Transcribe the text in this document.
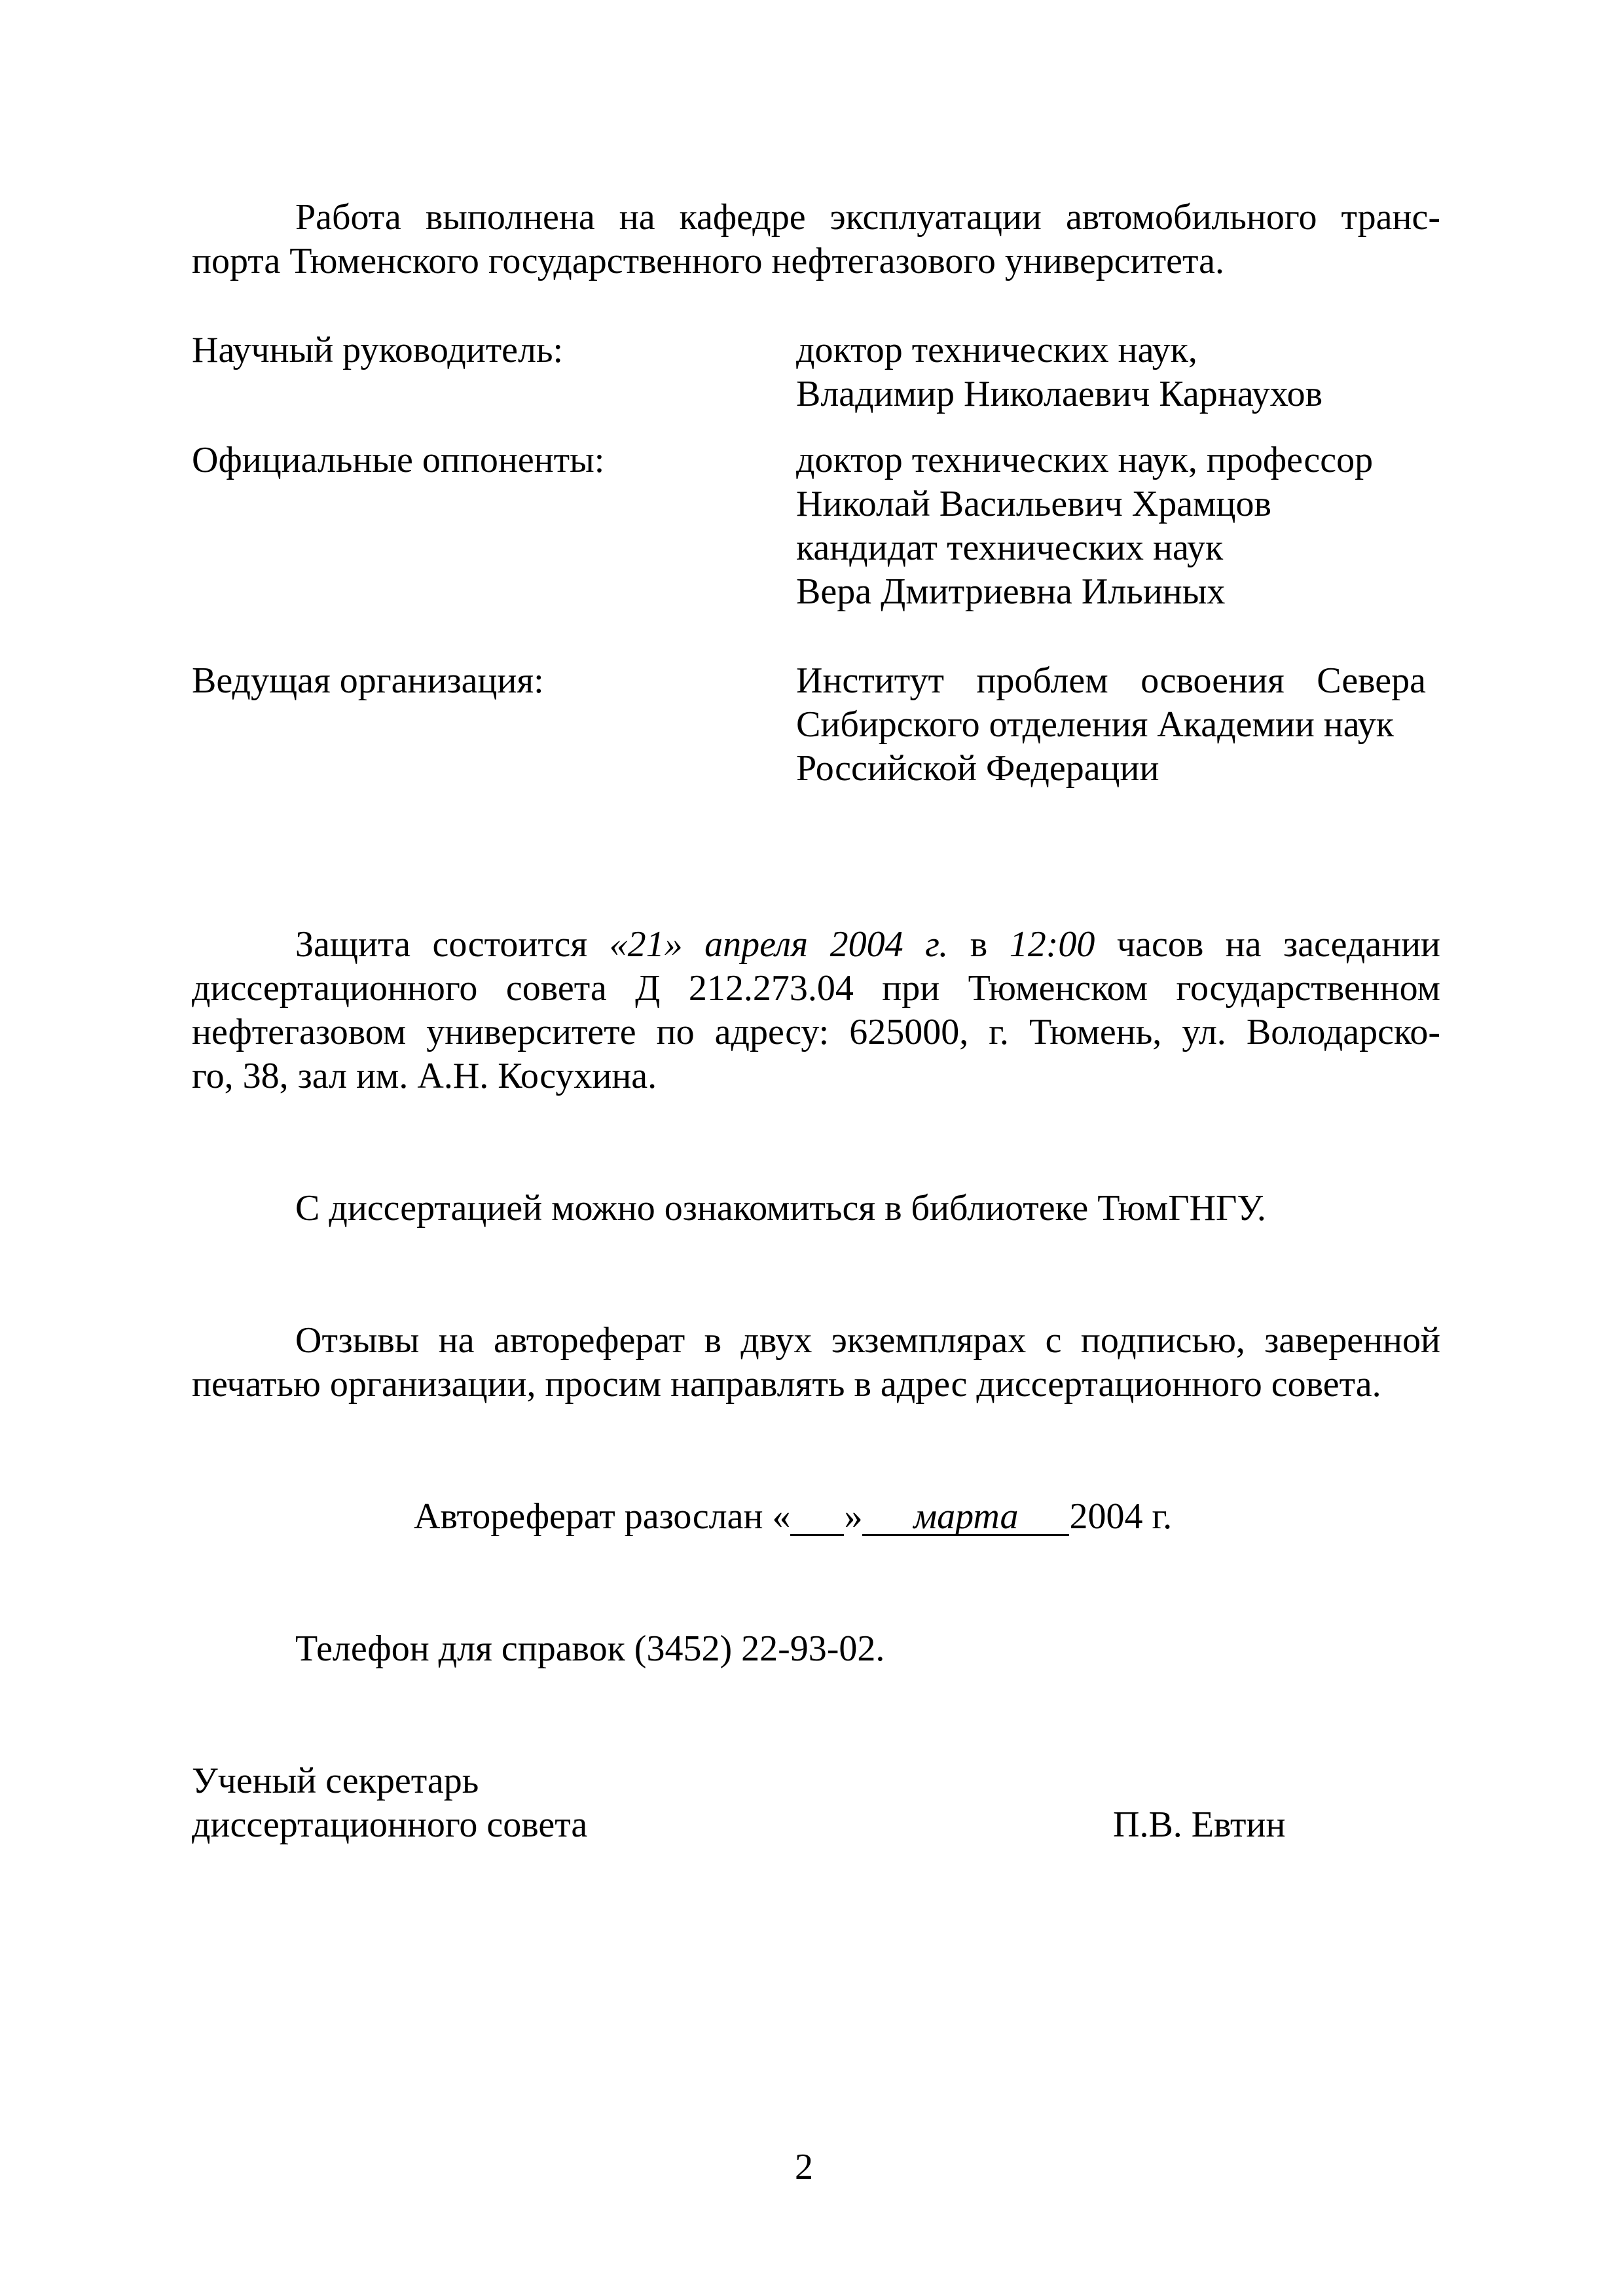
Работа выполнена на кафедре эксплуатации автомобильного транс-
порта Тюменского государственного нефтегазового университета.

Научный руководитель:	доктор технических наук,

Владимир Николаевич Карнаухов

Официальные оппоненты:	доктор технических наук, профессор

Николай Васильевич Храмцов

кандидат технических наук

Вера Дмитриевна Ильиных

Ведущая организация:	Институт проблем освоения Севера
Сибирского отделения Академии наук
Российской Федерации
Защита состоится «21» апреля 2004 г. в 12:00 часов на заседании
диссертационного совета Д 212.273.04 при Тюменском государственном
нефтегазовом университете по адресу: 625000, г. Тюмень, ул. Володарско-
го, 38, зал им. А.Н. Косухина.

С диссертацией можно ознакомиться в библиотеке ТюмГНГУ.

Отзывы на автореферат в двух экземплярах с подписью, заверенной
печатью организации, просим направлять в адрес диссертационного совета.

Автореферат разослан « » марта 2004 г.

Телефон для справок (3452) 22-93-02.

Ученый секретарь

диссертационного совета	П.В. Евтин

2
